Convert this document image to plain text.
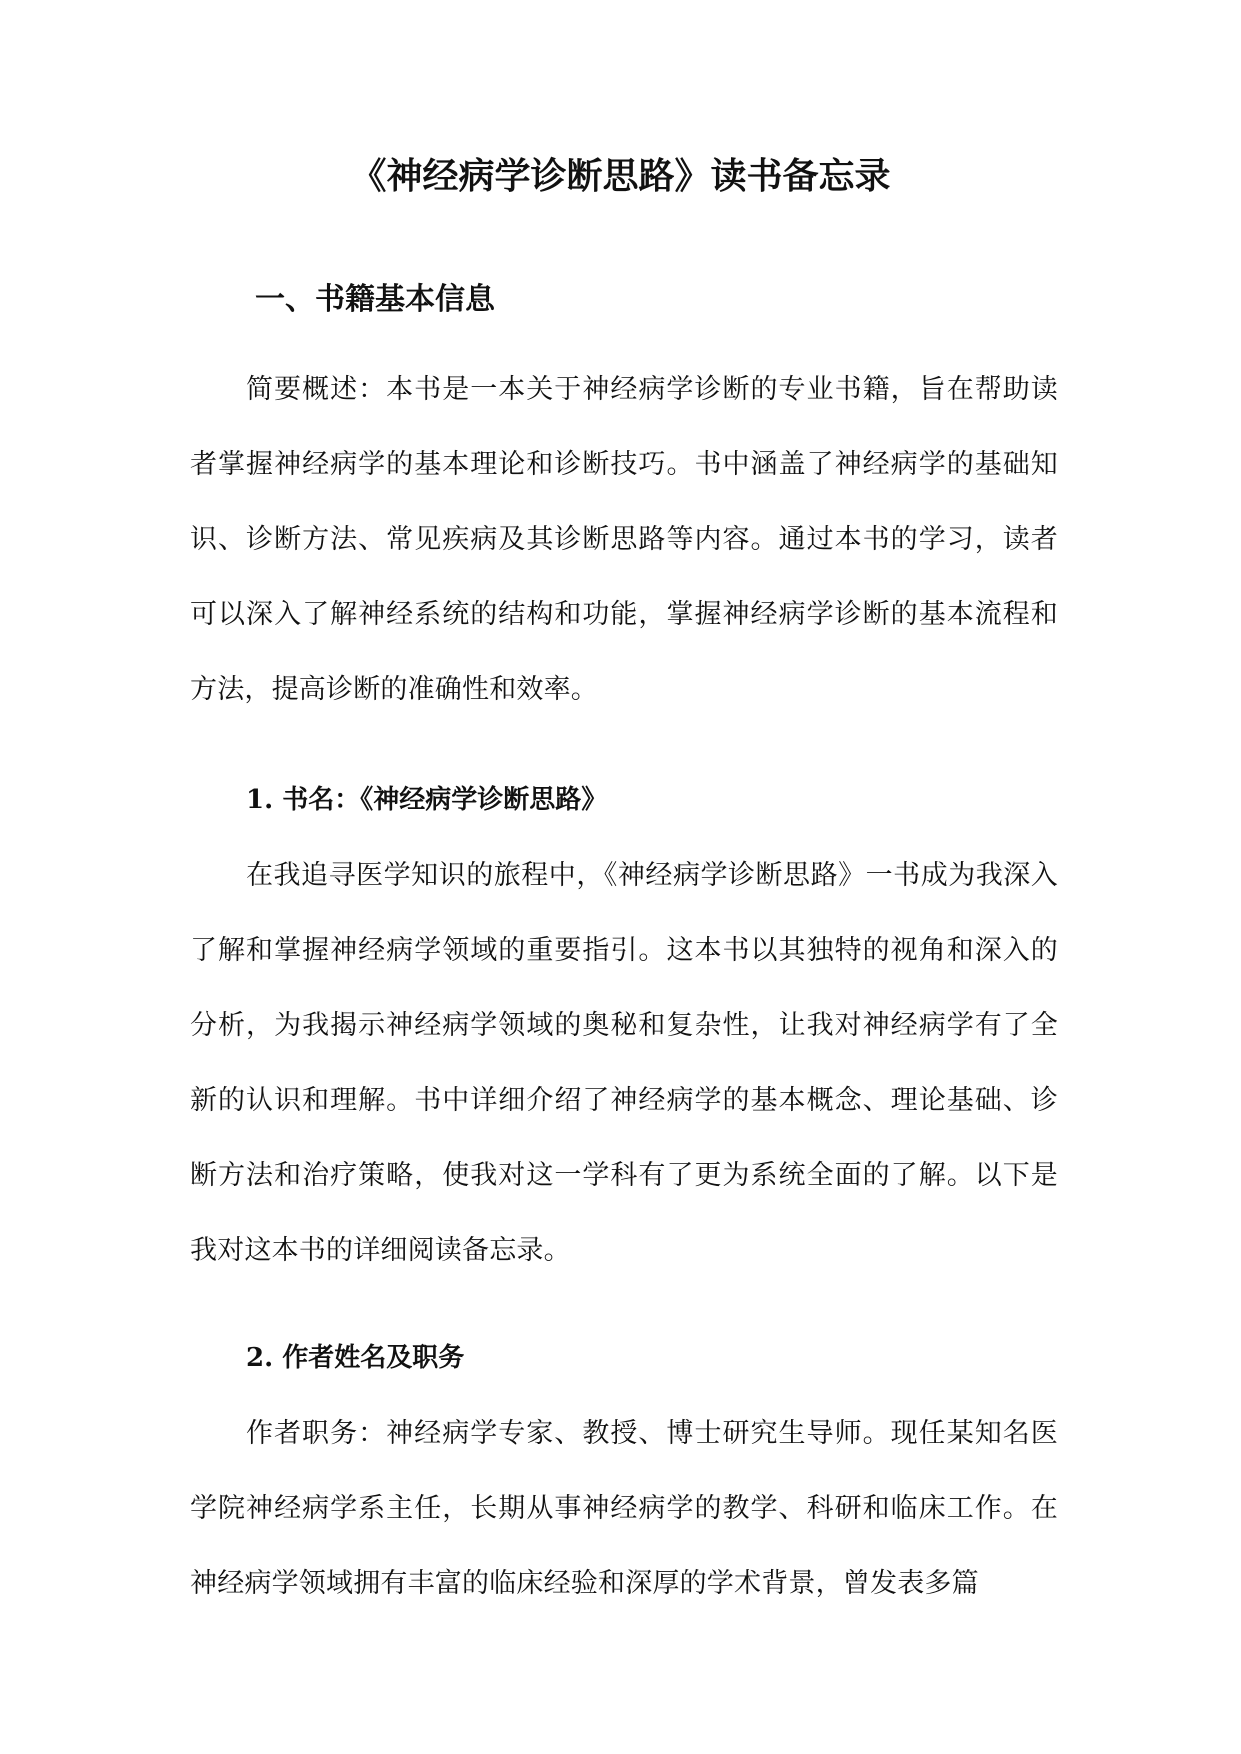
《神经病学诊断思路》读书备忘录
一、书籍基本信息

简要概述：本书是一本关于神经病学诊断的专业书籍，旨在帮助读者掌握神经病学的基本理论和诊断技巧。书中涵盖了神经病学的基础知识、诊断方法、常见疾病及其诊断思路等内容。通过本书的学习，读者可以深入了解神经系统的结构和功能，掌握神经病学诊断的基本流程和方法，提高诊断的准确性和效率。

1. 书名：《神经病学诊断思路》

在我追寻医学知识的旅程中，《神经病学诊断思路》一书成为我深入了解和掌握神经病学领域的重要指引。这本书以其独特的视角和深入的分析，为我揭示神经病学领域的奥秘和复杂性，让我对神经病学有了全新的认识和理解。书中详细介绍了神经病学的基本概念、理论基础、诊断方法和治疗策略，使我对这一学科有了更为系统全面的了解。以下是我对这本书的详细阅读备忘录。

2. 作者姓名及职务

作者职务：神经病学专家、教授、博士研究生导师。现任某知名医学院神经病学系主任，长期从事神经病学的教学、科研和临床工作。在神经病学领域拥有丰富的临床经验和深厚的学术背景，曾发表多篇
